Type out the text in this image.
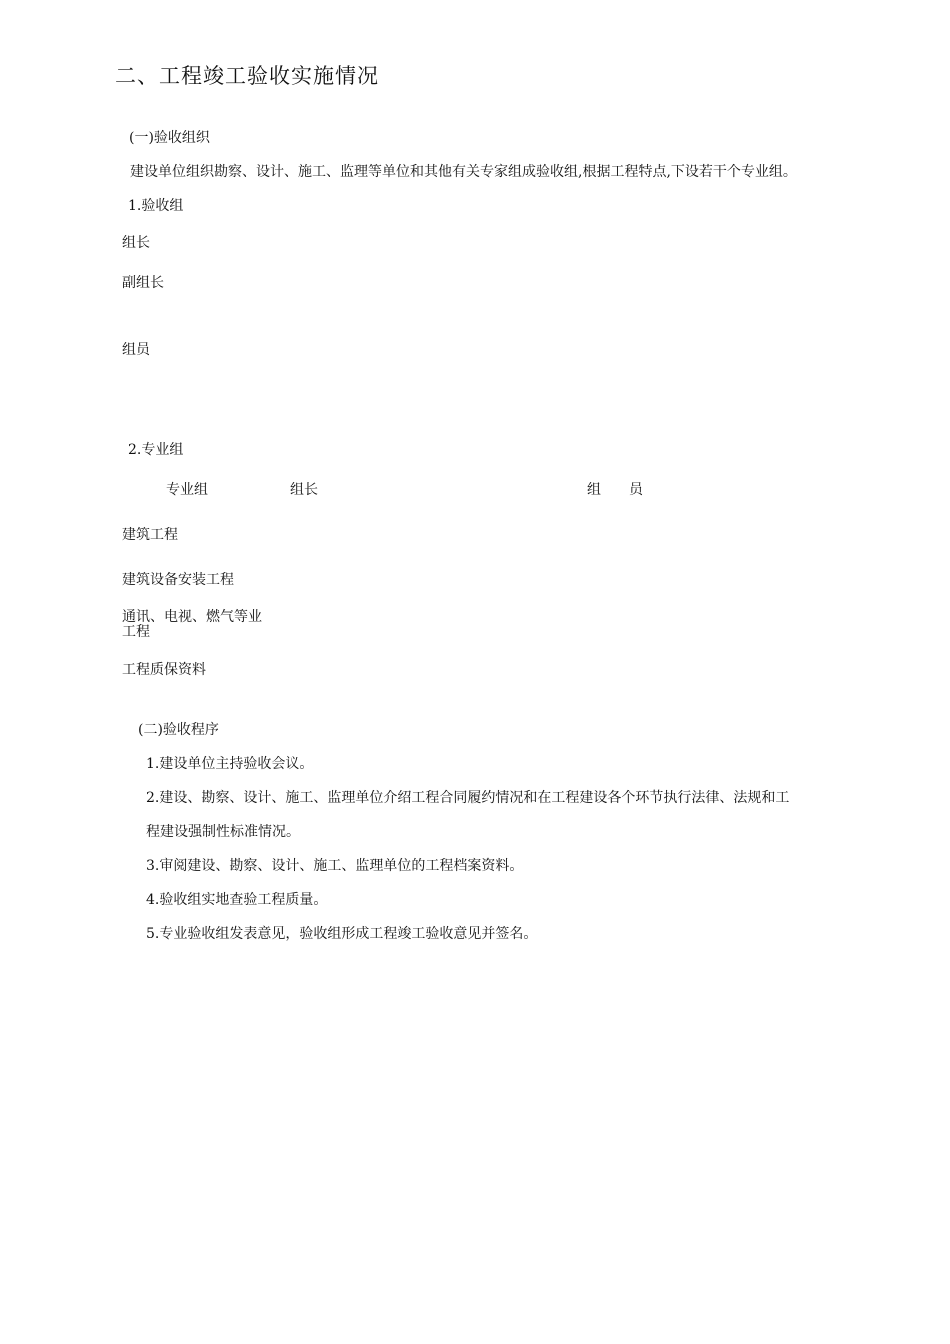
二、工程竣工验收实施情况
(一)验收组织
建设单位组织勘察、设计、施工、监理等单位和其他有关专家组成验收组,根据工程特点,下设若干个专业组。
1.验收组
组长
副组长
组员
2.专业组
专业组	组长	组　　员
建筑工程
建筑设备安装工程
通讯、电视、燃气等业工程
工程质保资料
(二)验收程序
1.建设单位主持验收会议。
2.建设、勘察、设计、施工、监理单位介绍工程合同履约情况和在工程建设各个环节执行法律、法规和工
程建设强制性标准情况。
3.审阅建设、勘察、设计、施工、监理单位的工程档案资料。
4.验收组实地查验工程质量。
5.专业验收组发表意见，验收组形成工程竣工验收意见并签名。
